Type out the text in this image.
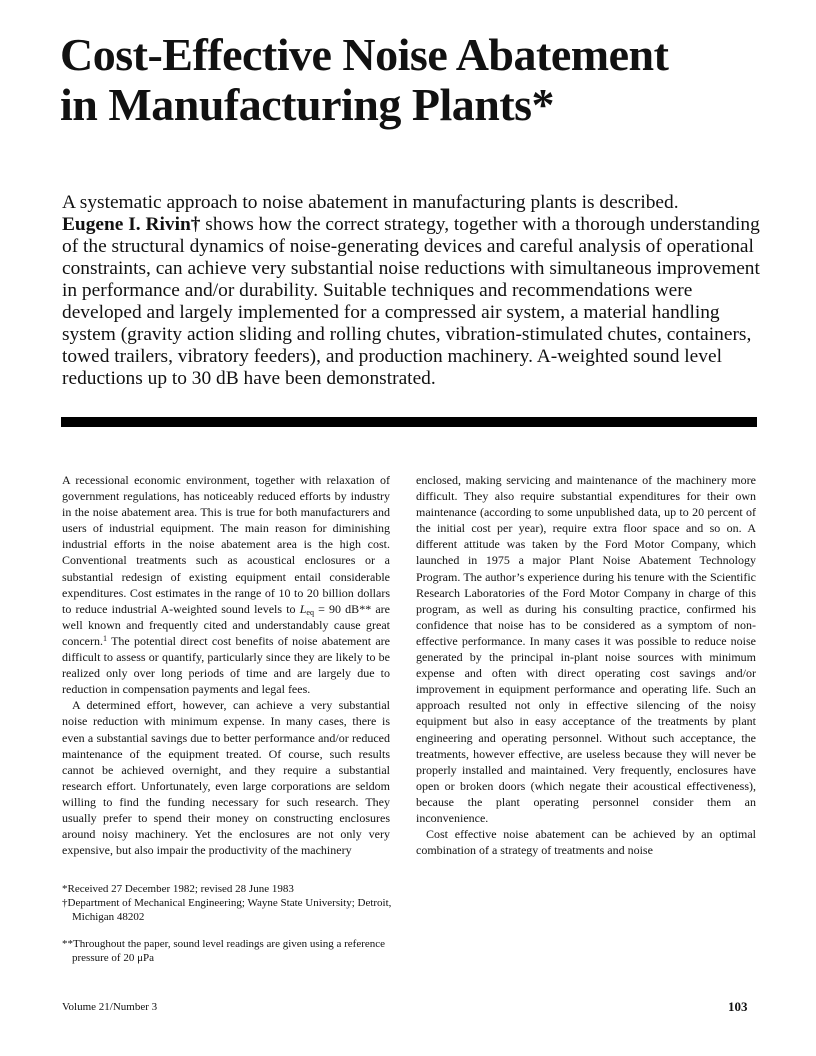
Cost-Effective Noise Abatement
in Manufacturing Plants*

A systematic approach to noise abatement in manufacturing plants is described.
Eugene I. Rivin† shows how the correct strategy, together with a thorough understanding of the structural dynamics of noise-generating devices and careful analysis of operational constraints, can achieve very substantial noise reductions with simultaneous improvement in performance and/or durability. Suitable techniques and recommendations were developed and largely implemented for a compressed air system, a material handling system (gravity action sliding and rolling chutes, vibration-stimulated chutes, containers, towed trailers, vibratory feeders), and production machinery. A-weighted sound level reductions up to 30 dB have been demonstrated.

A recessional economic environment, together with relaxation of government regulations, has noticeably reduced efforts by industry in the noise abatement area. This is true for both manufacturers and users of industrial equipment. The main reason for diminishing industrial efforts in the noise abatement area is the high cost. Conventional treatments such as acoustical enclosures or a substantial redesign of existing equipment entail considerable expenditures. Cost estimates in the range of 10 to 20 billion dollars to reduce industrial A-weighted sound levels to $L_{eq} = 90$ dB** are well known and frequently cited and understandably cause great concern.$^1$ The potential direct cost benefits of noise abatement are difficult to assess or quantify, particularly since they are likely to be realized only over long periods of time and are largely due to reduction in compensation payments and legal fees.

A determined effort, however, can achieve a very substantial noise reduction with minimum expense. In many cases, there is even a substantial savings due to better performance and/or reduced maintenance of the equipment treated. Of course, such results cannot be achieved overnight, and they require a substantial research effort. Unfortunately, even large corporations are seldom willing to find the funding necessary for such research. They usually prefer to spend their money on constructing enclosures around noisy machinery. Yet the enclosures are not only very expensive, but also impair the productivity of the machinery

enclosed, making servicing and maintenance of the machinery more difficult. They also require substantial expenditures for their own maintenance (according to some unpublished data, up to 20 percent of the initial cost per year), require extra floor space and so on. A different attitude was taken by the Ford Motor Company, which launched in 1975 a major Plant Noise Abatement Technology Program. The author’s experience during his tenure with the Scientific Research Laboratories of the Ford Motor Company in charge of this program, as well as during his consulting practice, confirmed his confidence that noise has to be considered as a symptom of non-effective performance. In many cases it was possible to reduce noise generated by the principal in-plant noise sources with minimum expense and often with direct operating cost savings and/or improvement in equipment performance and operating life. Such an approach resulted not only in effective silencing of the noisy equipment but also in easy acceptance of the treatments by plant engineering and operating personnel. Without such acceptance, the treatments, however effective, are useless because they will never be properly installed and maintained. Very frequently, enclosures have open or broken doors (which negate their acoustical effectiveness), because the plant operating personnel consider them an inconvenience.

Cost effective noise abatement can be achieved by an optimal combination of a strategy of treatments and noise

*Received 27 December 1982; revised 28 June 1983

†Department of Mechanical Engineering; Wayne State University; Detroit, Michigan 48202

**Throughout the paper, sound level readings are given using a reference pressure of 20 μPa

Volume 21/Number 3	103
